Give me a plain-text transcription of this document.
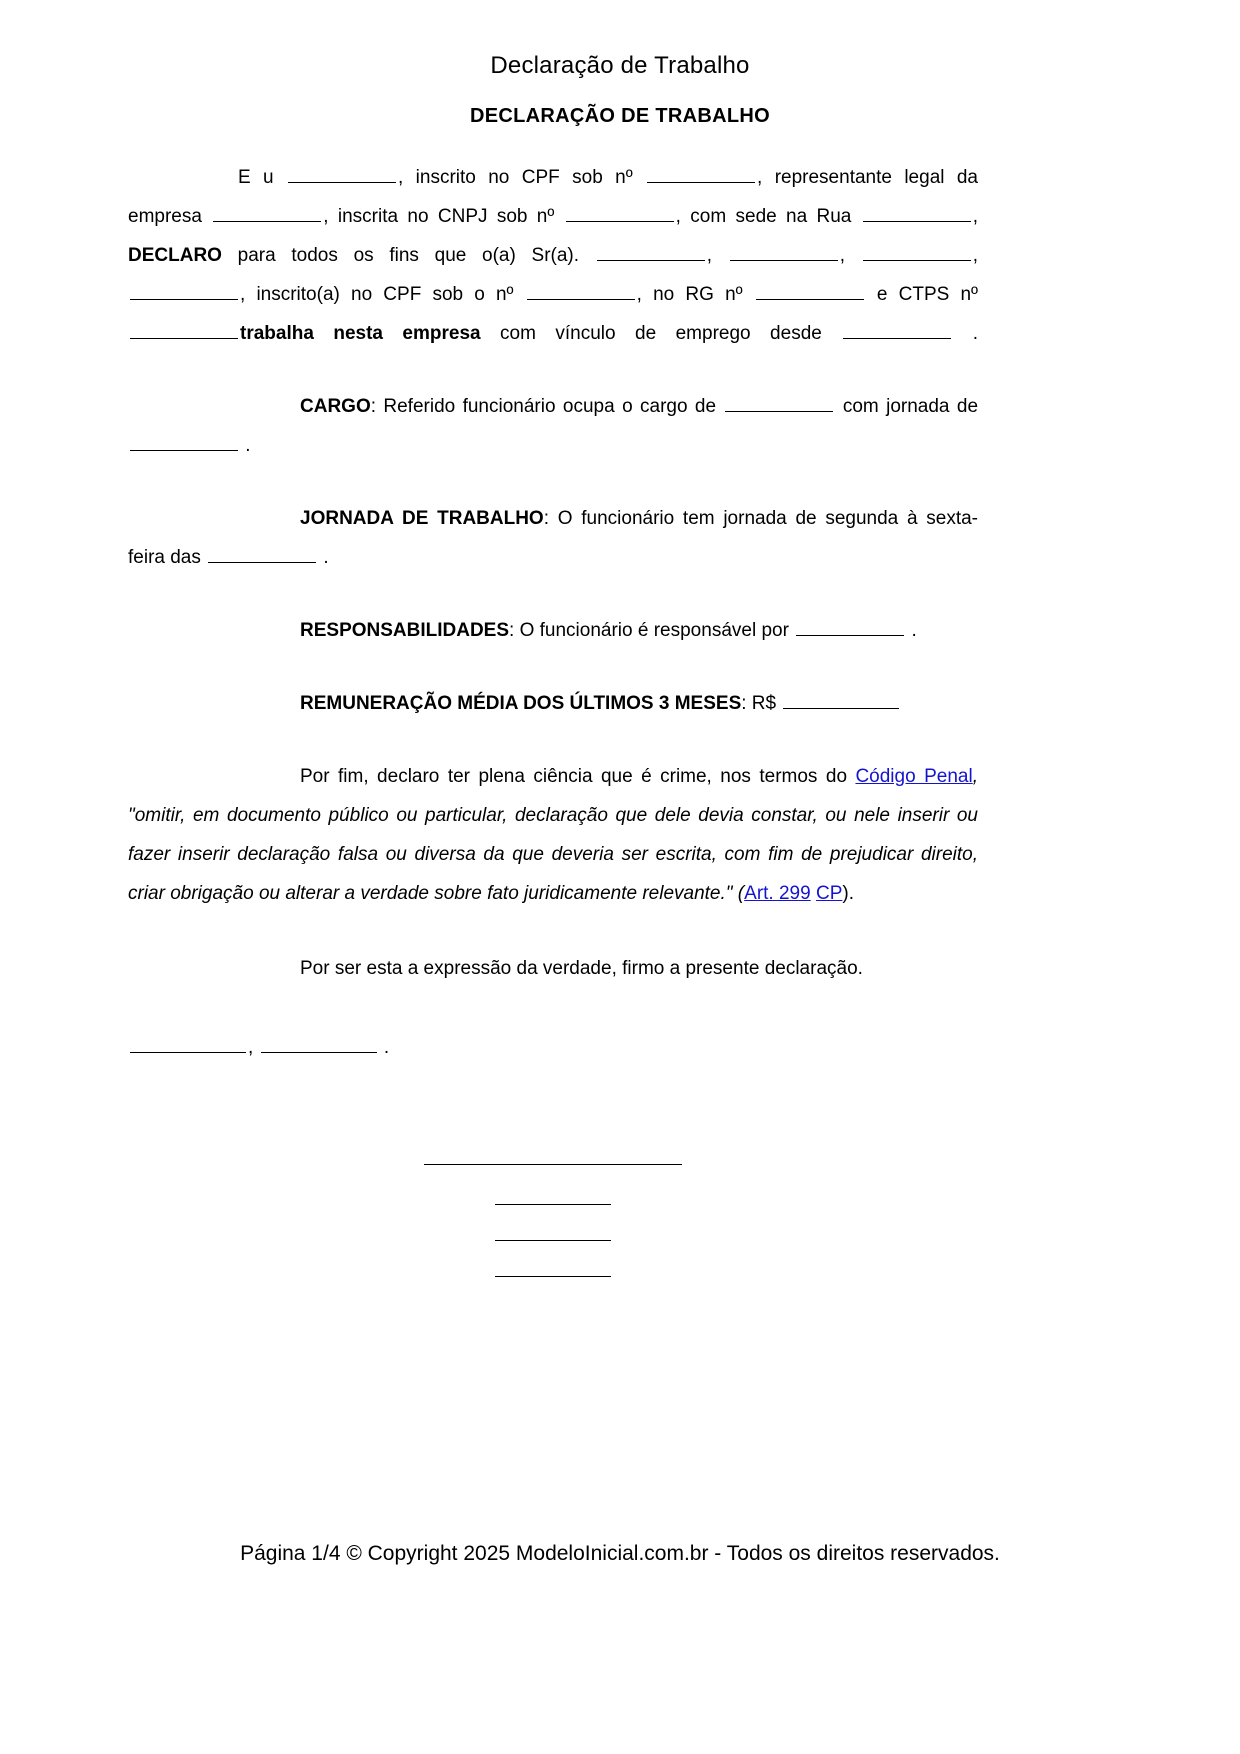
Declaração de Trabalho
DECLARAÇÃO DE TRABALHO

E u	, inscrito no CPF sob nº	, representante legal da empresa	, inscrita no CNPJ sob nº	, com sede na Rua	, DECLARO para todos os fins que o(a) Sr(a).	,	,	, , inscrito(a) no CPF sob o nº	, no RG nº	e CTPS nº trabalha nesta empresa com vínculo de emprego desde	.

CARGO: Referido funcionário ocupa o cargo de	com jornada de  .

JORNADA DE TRABALHO: O funcionário tem jornada de segunda à sexta-feira das	.

RESPONSABILIDADES: O funcionário é responsável por	.

REMUNERAÇÃO MÉDIA DOS ÚLTIMOS 3 MESES: R$

Por fim, declaro ter plena ciência que é crime, nos termos do Código Penal, "omitir, em documento público ou particular, declaração que dele devia constar, ou nele inserir ou fazer inserir declaração falsa ou diversa da que deveria ser escrita, com fim de prejudicar direito, criar obrigação ou alterar a verdade sobre fato juridicamente relevante." (Art. 299 CP).

Por ser esta a expressão da verdade, firmo a presente declaração.

,	.

Página 1/4 © Copyright 2025 ModeloInicial.com.br - Todos os direitos reservados.
